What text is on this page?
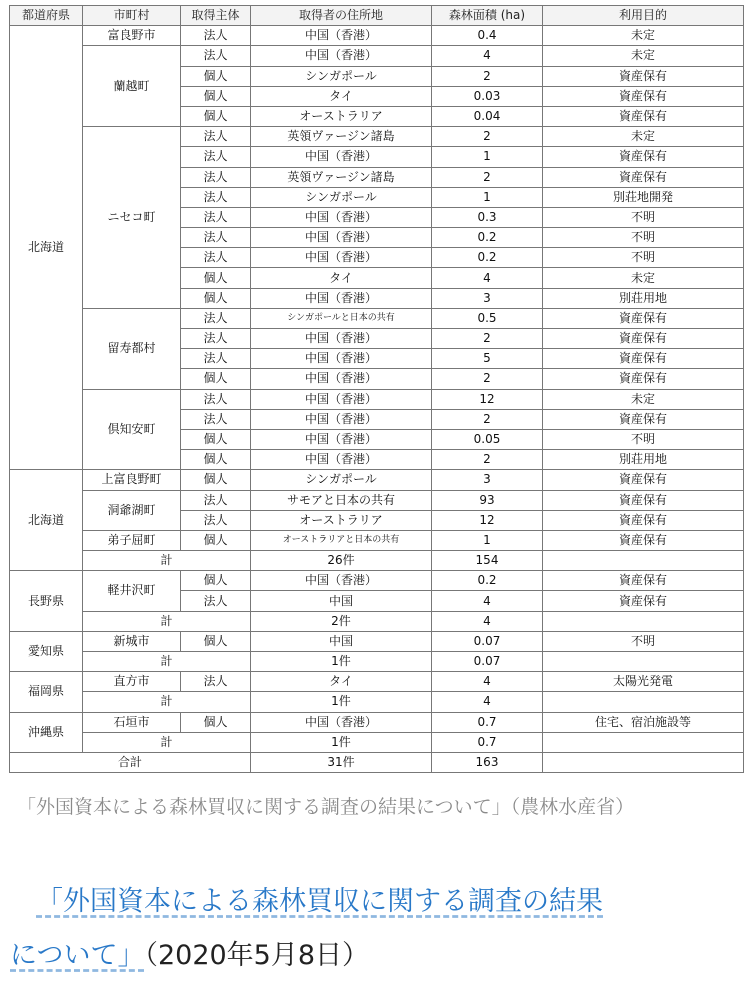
都道府県	市町村	取得主体	取得者の住所地	森林面積 (ha)	利用目的
北海道	富良野市	法人	中国（香港）	0.4	未定
	蘭越町	法人	中国（香港）	4	未定
		個人	シンガポール	2	資産保有
		個人	タイ	0.03	資産保有
		個人	オーストラリア	0.04	資産保有
	ニセコ町	法人	英領ヴァージン諸島	2	未定
		法人	中国（香港）	1	資産保有
		法人	英領ヴァージン諸島	2	資産保有
		法人	シンガポール	1	別荘地開発
		法人	中国（香港）	0.3	不明
		法人	中国（香港）	0.2	不明
		法人	中国（香港）	0.2	不明
		個人	タイ	4	未定
		個人	中国（香港）	3	別荘用地
	留寿都村	法人	シンガポールと日本の共有	0.5	資産保有
		法人	中国（香港）	2	資産保有
		法人	中国（香港）	5	資産保有
		個人	中国（香港）	2	資産保有
	倶知安町	法人	中国（香港）	12	未定
		法人	中国（香港）	2	資産保有
		個人	中国（香港）	0.05	不明
		個人	中国（香港）	2	別荘用地
北海道	上富良野町	個人	シンガポール	3	資産保有
	洞爺湖町	法人	サモアと日本の共有	93	資産保有
		法人	オーストラリア	12	資産保有
	弟子屈町	個人	オーストラリアと日本の共有	1	資産保有
	計		26件	154	
長野県	軽井沢町	個人	中国（香港）	0.2	資産保有
		法人	中国	4	資産保有
	計		2件	4	
愛知県	新城市	個人	中国	0.07	不明
	計		1件	0.07	
福岡県	直方市	法人	タイ	4	太陽光発電
	計		1件	4	
沖縄県	石垣市	個人	中国（香港）	0.7	住宅、宿泊施設等
	計		1件	0.7	
合計			31件	163	
「外国資本による森林買収に関する調査の結果について」（農林水産省）
「外国資本による森林買収に関する調査の結果
について」（2020年5月8日）
